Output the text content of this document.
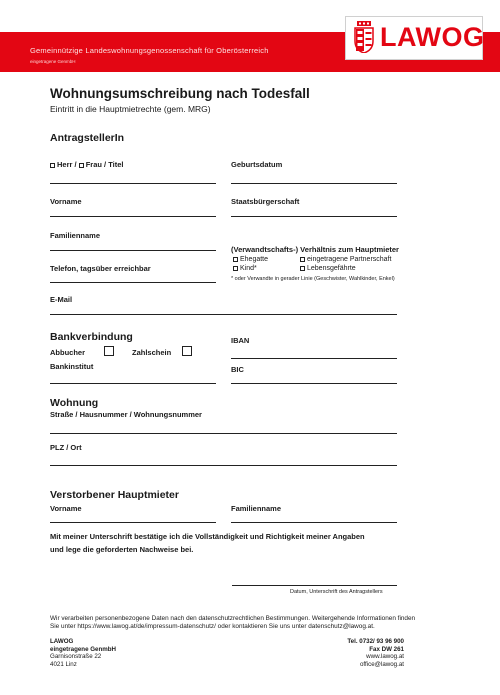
Gemeinnützige Landeswohnungsgenossenschaft für Oberösterreich
eingetragene GenmbH
LAWOG
Wohnungsumschreibung nach Todesfall
Eintritt in die Hauptmietrechte (gem. MRG)
AntragstellerIn
Herr / Frau / Titel	Geburtsdatum
Vorname	Staatsbürgerschaft
Familienname
(Verwandtschafts-) Verhältnis zum Hauptmieter
Ehegatte	eingetragene Partnerschaft
Kind*	Lebensgefährte
* oder Verwandte in gerader Linie (Geschwister, Wahlkinder, Enkel)
Telefon, tagsüber erreichbar
E-Mail
Bankverbindung
Abbucher	Zahlschein
Bankinstitut
IBAN
BIC
Wohnung
Straße / Hausnummer / Wohnungsnummer
PLZ / Ort
Verstorbener Hauptmieter
Vorname	Familienname
Mit meiner Unterschrift bestätige ich die Vollständigkeit und Richtigkeit meiner Angaben
und lege die geforderten Nachweise bei.
Datum, Unterschrift des Antragstellers
Wir verarbeiten personenbezogene Daten nach den datenschutzrechtlichen Bestimmungen. Weitergehende Informationen finden
Sie unter https://www.lawog.at/de/impressum-datenschutz/ oder kontaktieren Sie uns unter datenschutz@lawog.at.
LAWOG
eingetragene GenmbH
Garnisonstraße 22
4021 Linz
Tel. 0732/ 93 96 900
Fax DW 261
www.lawog.at
office@lawog.at
